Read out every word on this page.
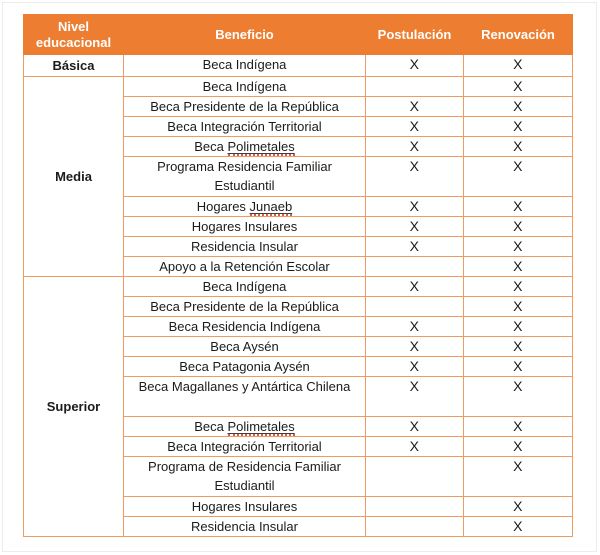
Nivel educacional	Beneficio	Postulación	Renovación
Básica	Beca Indígena	X	X
Media	Beca Indígena		X
	Beca Presidente de la República	X	X
	Beca Integración Territorial	X	X
	Beca Polimetales	X	X
	Programa Residencia Familiar Estudiantil	X	X
	Hogares Junaeb	X	X
	Hogares Insulares	X	X
	Residencia Insular	X	X
	Apoyo a la Retención Escolar		X
Superior	Beca Indígena	X	X
	Beca Presidente de la República		X
	Beca Residencia Indígena	X	X
	Beca Aysén	X	X
	Beca Patagonia Aysén	X	X
	Beca Magallanes y Antártica Chilena	X	X
	Beca Polimetales	X	X
	Beca Integración Territorial	X	X
	Programa de Residencia Familiar Estudiantil		X
	Hogares Insulares		X
	Residencia Insular		X
